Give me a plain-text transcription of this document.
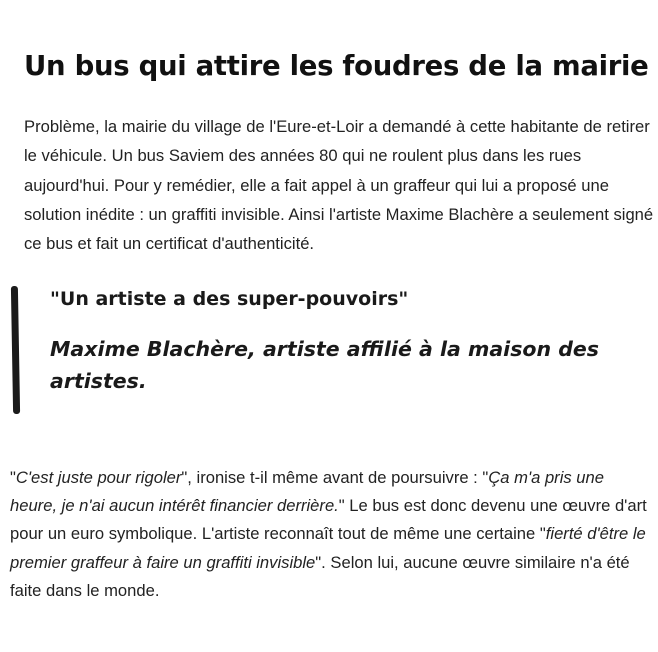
Un bus qui attire les foudres de la mairie

Problème, la mairie du village de l'Eure-et-Loir a demandé à cette habitante de retirer le véhicule. Un bus Saviem des années 80 qui ne roulent plus dans les rues aujourd'hui. Pour y remédier, elle a fait appel à un graffeur qui lui a proposé une solution inédite : un graffiti invisible. Ainsi l'artiste Maxime Blachère a seulement signé ce bus et fait un certificat d'authenticité.

"Un artiste a des super-pouvoirs"

Maxime Blachère, artiste affilié à la maison des artistes.

"C'est juste pour rigoler", ironise t-il même avant de poursuivre : "Ça m'a pris une heure, je n'ai aucun intérêt financier derrière." Le bus est donc devenu une œuvre d'art pour un euro symbolique. L'artiste reconnaît tout de même une certaine "fierté d'être le premier graffeur à faire un graffiti invisible". Selon lui, aucune œuvre similaire n'a été faite dans le monde.
